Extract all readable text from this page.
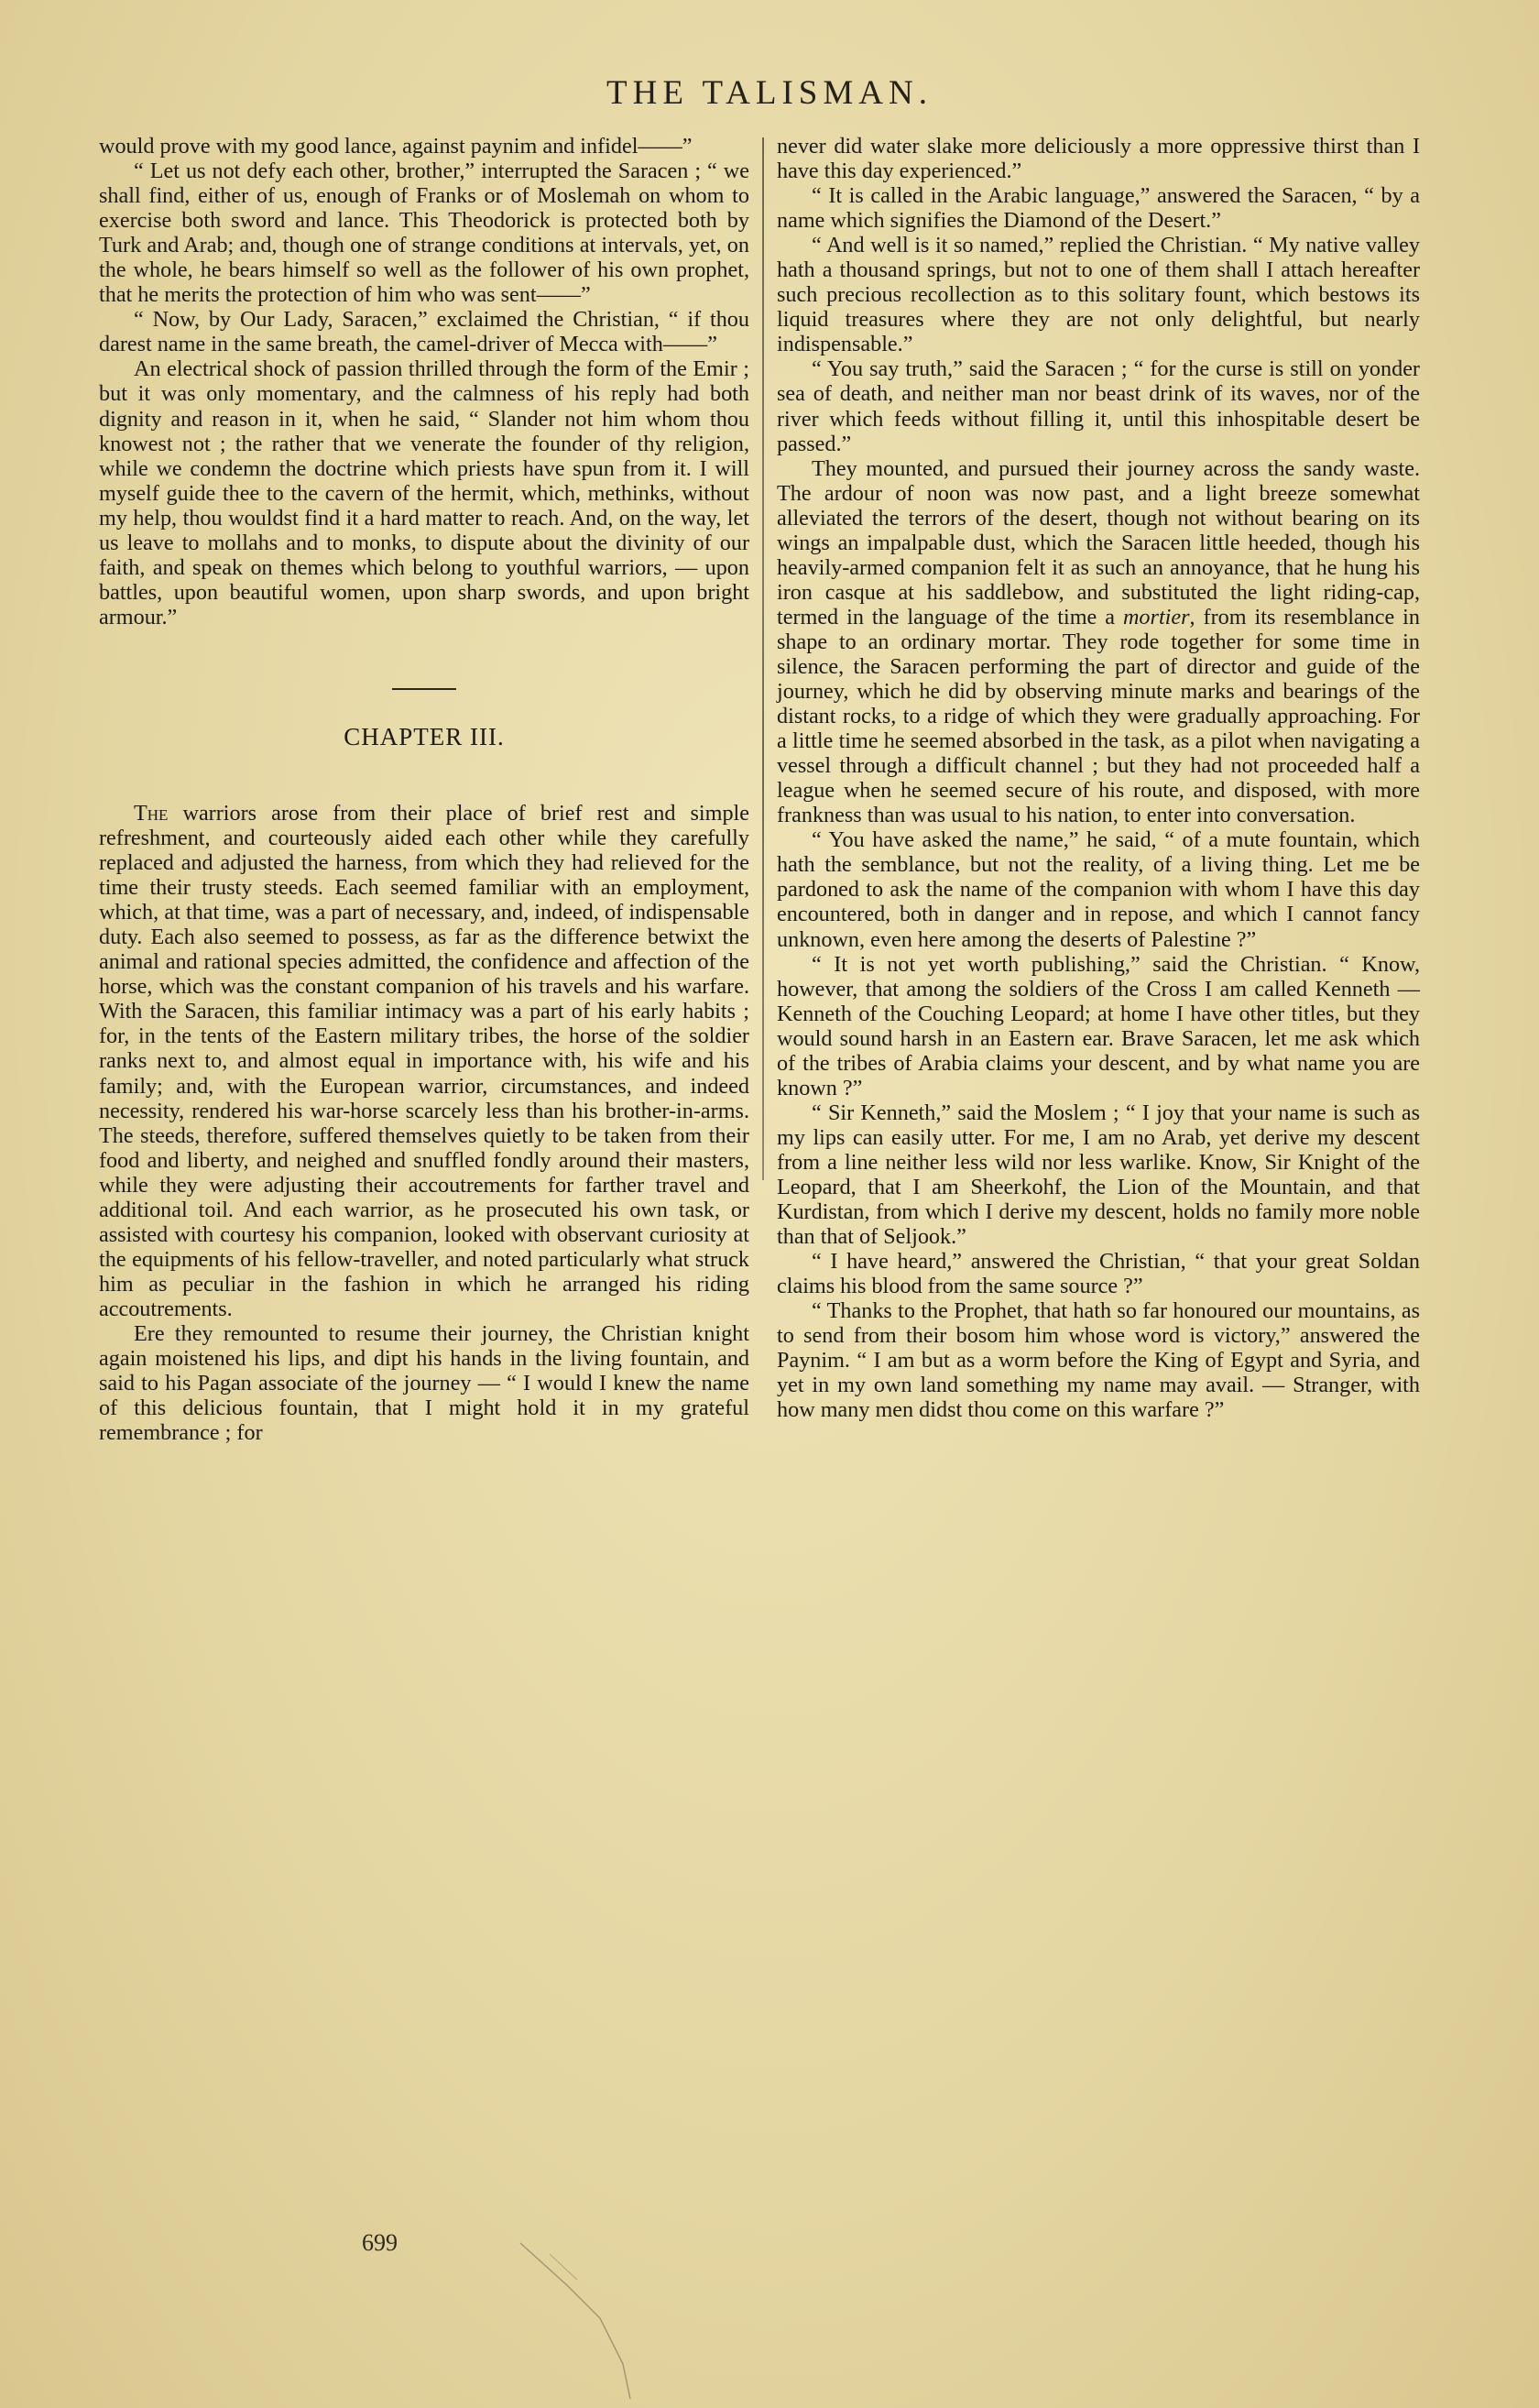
THE TALISMAN.

would prove with my good lance, against paynim and infidel——”

“ Let us not defy each other, brother,” interrupted the Saracen ; “ we shall find, either of us, enough of Franks or of Moslemah on whom to exercise both sword and lance. This Theodorick is protected both by Turk and Arab; and, though one of strange conditions at intervals, yet, on the whole, he bears himself so well as the follower of his own prophet, that he merits the protection of him who was sent——”

“ Now, by Our Lady, Saracen,” exclaimed the Christian, “ if thou darest name in the same breath, the camel-driver of Mecca with——”

An electrical shock of passion thrilled through the form of the Emir ; but it was only momentary, and the calmness of his reply had both dignity and reason in it, when he said, “ Slander not him whom thou knowest not ; the rather that we venerate the founder of thy religion, while we condemn the doctrine which priests have spun from it. I will myself guide thee to the cavern of the hermit, which, methinks, without my help, thou wouldst find it a hard matter to reach. And, on the way, let us leave to mollahs and to monks, to dispute about the divinity of our faith, and speak on themes which belong to youthful warriors, — upon battles, upon beautiful women, upon sharp swords, and upon bright armour.”

CHAPTER III.

The warriors arose from their place of brief rest and simple refreshment, and courteously aided each other while they carefully replaced and adjusted the harness, from which they had relieved for the time their trusty steeds. Each seemed familiar with an employment, which, at that time, was a part of necessary, and, indeed, of indispensable duty. Each also seemed to possess, as far as the difference betwixt the animal and rational species admitted, the confidence and affection of the horse, which was the constant companion of his travels and his warfare. With the Saracen, this familiar intimacy was a part of his early habits ; for, in the tents of the Eastern military tribes, the horse of the soldier ranks next to, and almost equal in importance with, his wife and his family; and, with the European warrior, circumstances, and indeed necessity, rendered his war-horse scarcely less than his brother-in-arms. The steeds, therefore, suffered themselves quietly to be taken from their food and liberty, and neighed and snuffled fondly around their masters, while they were adjusting their accoutrements for farther travel and additional toil. And each warrior, as he prosecuted his own task, or assisted with courtesy his companion, looked with observant curiosity at the equipments of his fellow-traveller, and noted particularly what struck him as peculiar in the fashion in which he arranged his riding accoutrements.

Ere they remounted to resume their journey, the Christian knight again moistened his lips, and dipt his hands in the living fountain, and said to his Pagan associate of the journey — “ I would I knew the name of this delicious fountain, that I might hold it in my grateful remembrance ; for

never did water slake more deliciously a more oppressive thirst than I have this day experienced.”

“ It is called in the Arabic language,” answered the Saracen, “ by a name which signifies the Diamond of the Desert.”

“ And well is it so named,” replied the Christian. “ My native valley hath a thousand springs, but not to one of them shall I attach hereafter such precious recollection as to this solitary fount, which bestows its liquid treasures where they are not only delightful, but nearly indispensable.”

“ You say truth,” said the Saracen ; “ for the curse is still on yonder sea of death, and neither man nor beast drink of its waves, nor of the river which feeds without filling it, until this inhospitable desert be passed.”

They mounted, and pursued their journey across the sandy waste. The ardour of noon was now past, and a light breeze somewhat alleviated the terrors of the desert, though not without bearing on its wings an impalpable dust, which the Saracen little heeded, though his heavily-armed companion felt it as such an annoyance, that he hung his iron casque at his saddlebow, and substituted the light riding-cap, termed in the language of the time a mortier, from its resemblance in shape to an ordinary mortar. They rode together for some time in silence, the Saracen performing the part of director and guide of the journey, which he did by observing minute marks and bearings of the distant rocks, to a ridge of which they were gradually approaching. For a little time he seemed absorbed in the task, as a pilot when navigating a vessel through a difficult channel ; but they had not proceeded half a league when he seemed secure of his route, and disposed, with more frankness than was usual to his nation, to enter into conversation.

“ You have asked the name,” he said, “ of a mute fountain, which hath the semblance, but not the reality, of a living thing. Let me be pardoned to ask the name of the companion with whom I have this day encountered, both in danger and in repose, and which I cannot fancy unknown, even here among the deserts of Palestine ?”

“ It is not yet worth publishing,” said the Christian. “ Know, however, that among the soldiers of the Cross I am called Kenneth — Kenneth of the Couching Leopard; at home I have other titles, but they would sound harsh in an Eastern ear. Brave Saracen, let me ask which of the tribes of Arabia claims your descent, and by what name you are known ?”

“ Sir Kenneth,” said the Moslem ; “ I joy that your name is such as my lips can easily utter. For me, I am no Arab, yet derive my descent from a line neither less wild nor less warlike. Know, Sir Knight of the Leopard, that I am Sheerkohf, the Lion of the Mountain, and that Kurdistan, from which I derive my descent, holds no family more noble than that of Seljook.”

“ I have heard,” answered the Christian, “ that your great Soldan claims his blood from the same source ?”

“ Thanks to the Prophet, that hath so far honoured our mountains, as to send from their bosom him whose word is victory,” answered the Paynim. “ I am but as a worm before the King of Egypt and Syria, and yet in my own land something my name may avail. — Stranger, with how many men didst thou come on this warfare ?”

699
